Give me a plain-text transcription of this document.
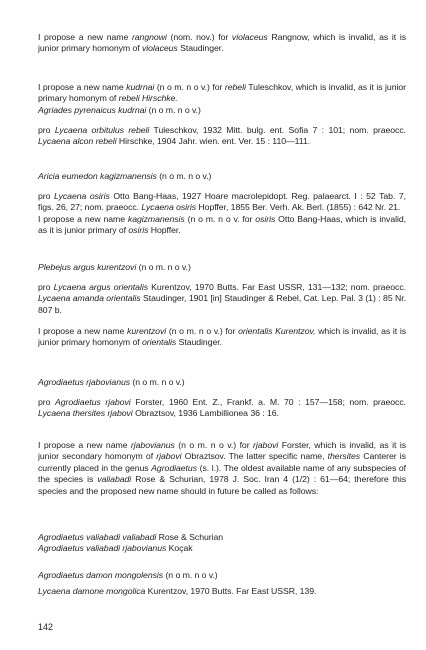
142

I propose a new name rangnowi (nom. nov.) for violaceus Rangnow, which is invalid, as it is junior primary homonym of violaceus Staudinger.

I propose a new name kudrnai (n o m. n o v.) for rebeli Tuleschkov, which is invalid, as it is junior primary homonym of rebeli Hirschke.
Agriades pyrenaicus kudrnai (n o m. n o v.)

pro Lycaena orbitulus rebeli Tuleschkov, 1932 Mitt. bulg. ent. Sofia 7 : 101; nom. praeocc. Lycaena alcon rebeli Hirschke, 1904 Jahr. wien. ent. Ver. 15 : 110—111.

Aricia eumedon kagizmanensis (n o m. n o v.)

pro Lycaena osiris Otto Bang-Haas, 1927 Hoare macrolepidopt. Reg. palaearct. I : 52 Tab. 7, figs. 26, 27; nom. praeocc. Lycaena osiris Hopffer, 1855 Ber. Verh. Ak. Berl. (1855) : 642 Nr. 21.
I propose a new name kagizmanensis (n o m. n o v. for osiris Otto Bang-Haas, which is invalid, as it is junior primary of osiris Hopffer.

Plebejus argus kurentzovi (n o m. n o v.)

pro Lycaena argus orientalis Kurentzov, 1970 Butts. Far East USSR, 131—132; nom. praeocc. Lycaena amanda orientalis Staudinger, 1901 [in] Staudinger & Rebel, Cat. Lep. Pal. 3 (1) : 85 Nr. 807 b.

I propose a new name kurentzovi (n o m. n o v.) for orientalis Kurentzov, which is invalid, as it is junior primary homonym of orientalis Staudinger.

Agrodiaetus rjabovianus (n o m. n o v.)

pro Agrodiaetus rjabovi Forster, 1960 Ent. Z., Frankf. a. M. 70 : 157—158; nom. praeocc. Lycaena thersites rjabovi Obraztsov, 1936 Lambillionea 36 : 16.

I propose a new name rjabovianus (n o m. n o v.) for rjabovi Forster, which is invalid, as it is junior secondary homonym of rjabovi Obraztsov. The latter specific name, thersites Canterer is currently placed in the genus Agrodiaetus (s. l.). The oldest available name of any subspecies of the species is valiabadi Rose & Schurian, 1978 J. Soc. Iran 4 (1/2) : 61—64; therefore this species and the proposed new name should in future be called as follows:

Agrodiaetus valiabadi valiabadi Rose & Schurian

Agrodiaetus valiabadi rjabovianus Koçak

Agrodiaetus damon mongolensis (n o m. n o v.)

Lycaena damone mongolica Kurentzov, 1970 Butts. Far East USSR, 139.
